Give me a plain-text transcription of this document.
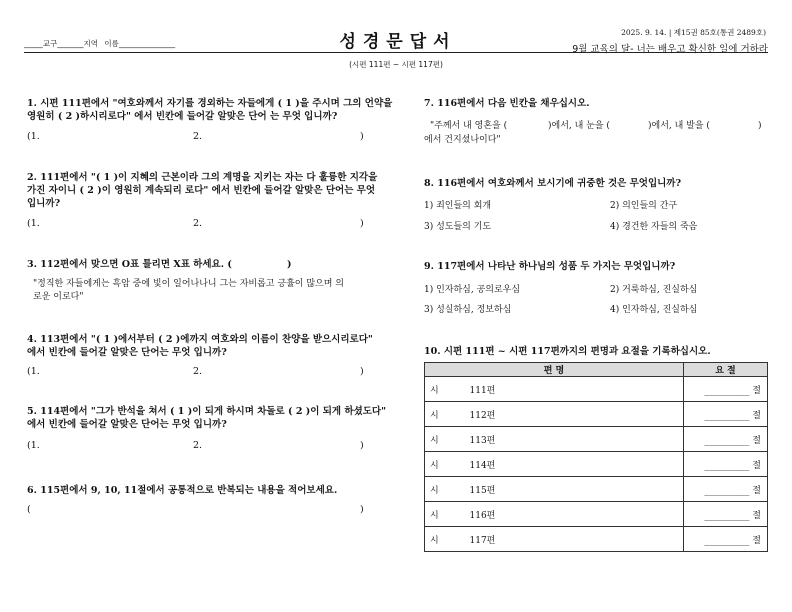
_____교구_______지역 이름_______________	성경문답서	2025. 9. 14. | 제15권 85호(통권 2489호)
9월 교육의 달- 너는 배우고 확신한 일에 거하라
(시편 111편 ~ 시편 117편)
1. 시편 111편에서 "여호와께서 자기를 경외하는 자들에게 ( 1 )을 주시며 그의 언약을
영원히 ( 2 )하시리로다" 에서 빈칸에 들어갈 알맞은 단어 는 무엇 입니까?
(1.	2.	)
2. 111편에서 "( 1 )이 지혜의 근본이라 그의 계명을 지키는 자는 다 훌륭한 지각을
가진 자이니 ( 2 )이 영원히 계속되리 로다" 에서 빈칸에 들어갈 알맞은 단어는 무엇
입니까?
(1.	2.	)
3. 112편에서 맞으면 O표 틀리면 X표 하세요. (	)
"정직한 자들에게는 흑암 중에 빛이 일어나나니 그는 자비롭고 긍휼이 많으며 의
로운 이로다"
4. 113편에서 "( 1 )에서부터 ( 2 )에까지 여호와의 이름이 찬양을 받으시리로다"
에서 빈칸에 들어갈 알맞은 단어는 무엇 입니까?
(1.	2.	)
5. 114편에서 "그가 반석을 쳐서 ( 1 )이 되게 하시며 차돌로 ( 2 )이 되게 하셨도다"
에서 빈칸에 들어갈 알맞은 단어는 무엇 입니까?
(1.	2.	)
6. 115편에서 9, 10, 11절에서 공통적으로 반복되는 내용을 적어보세요.
(	)
7. 116편에서 다음 빈칸을 채우십시오.
"주께서 내 영혼을 (	)에서, 내 눈을 (	)에서, 내 발을 (	)
에서 건지셨나이다"
8. 116편에서 여호와께서 보시기에 귀중한 것은 무엇입니까?
1) 죄인들의 회개	2) 의인들의 간구
3) 성도들의 기도	4) 경건한 자들의 죽음
9. 117편에서 나타난 하나님의 성품 두 가지는 무엇입니까?
1) 인자하심, 공의로우심	2) 거룩하심, 진실하심
3) 성실하심, 정보하심	4) 인자하심, 진실하심
10. 시편 111편 ~ 시편 117편까지의 편명과 요절을 기록하십시오.
편 명		요 절
시	111편	__________ 절
시	112편	__________ 절
시	113편	__________ 절
시	114편	__________ 절
시	115편	__________ 절
시	116편	__________ 절
시	117편	__________ 절
